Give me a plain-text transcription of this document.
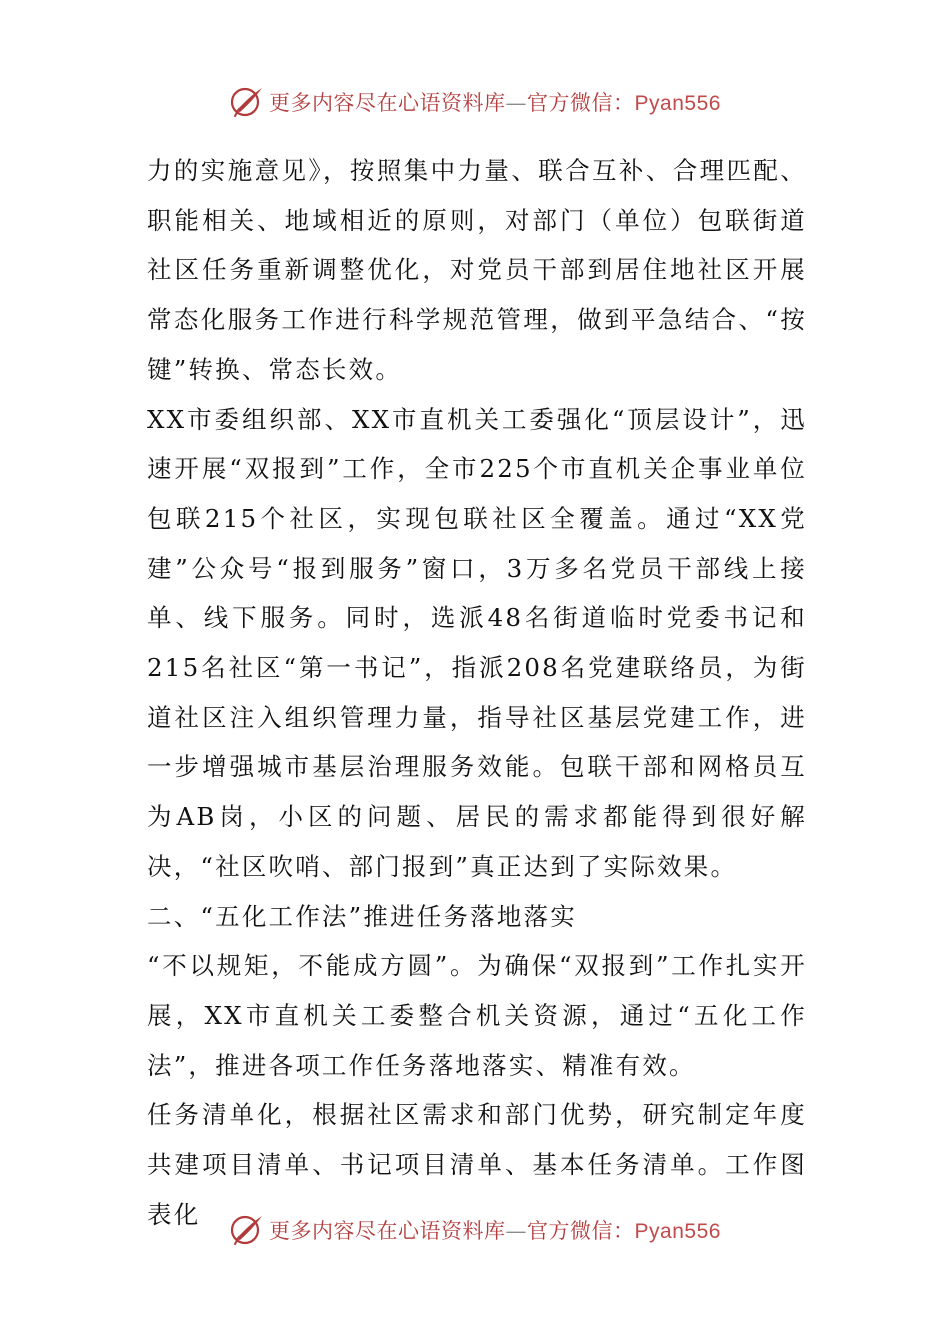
更多内容尽在心语资料库—官方微信：Pyan556

力的实施意见》，按照集中力量、联合互补、合理匹配、职能相关、地域相近的原则，对部门（单位）包联街道社区任务重新调整优化，对党员干部到居住地社区开展常态化服务工作进行科学规范管理，做到平急结合、“按键”转换、常态长效。

XX市委组织部、XX市直机关工委强化“顶层设计”，迅速开展“双报到”工作，全市225个市直机关企事业单位包联215个社区，实现包联社区全覆盖。通过“XX党建”公众号“报到服务”窗口，3万多名党员干部线上接单、线下服务。同时，选派48名街道临时党委书记和215名社区“第一书记”，指派208名党建联络员，为街道社区注入组织管理力量，指导社区基层党建工作，进一步增强城市基层治理服务效能。包联干部和网格员互为AB岗，小区的问题、居民的需求都能得到很好解决，“社区吹哨、部门报到”真正达到了实际效果。

二、“五化工作法”推进任务落地落实

“不以规矩，不能成方圆”。为确保“双报到”工作扎实开展，XX市直机关工委整合机关资源，通过“五化工作法”，推进各项工作任务落地落实、精准有效。

任务清单化，根据社区需求和部门优势，研究制定年度共建项目清单、书记项目清单、基本任务清单。工作图表化

更多内容尽在心语资料库—官方微信：Pyan556
